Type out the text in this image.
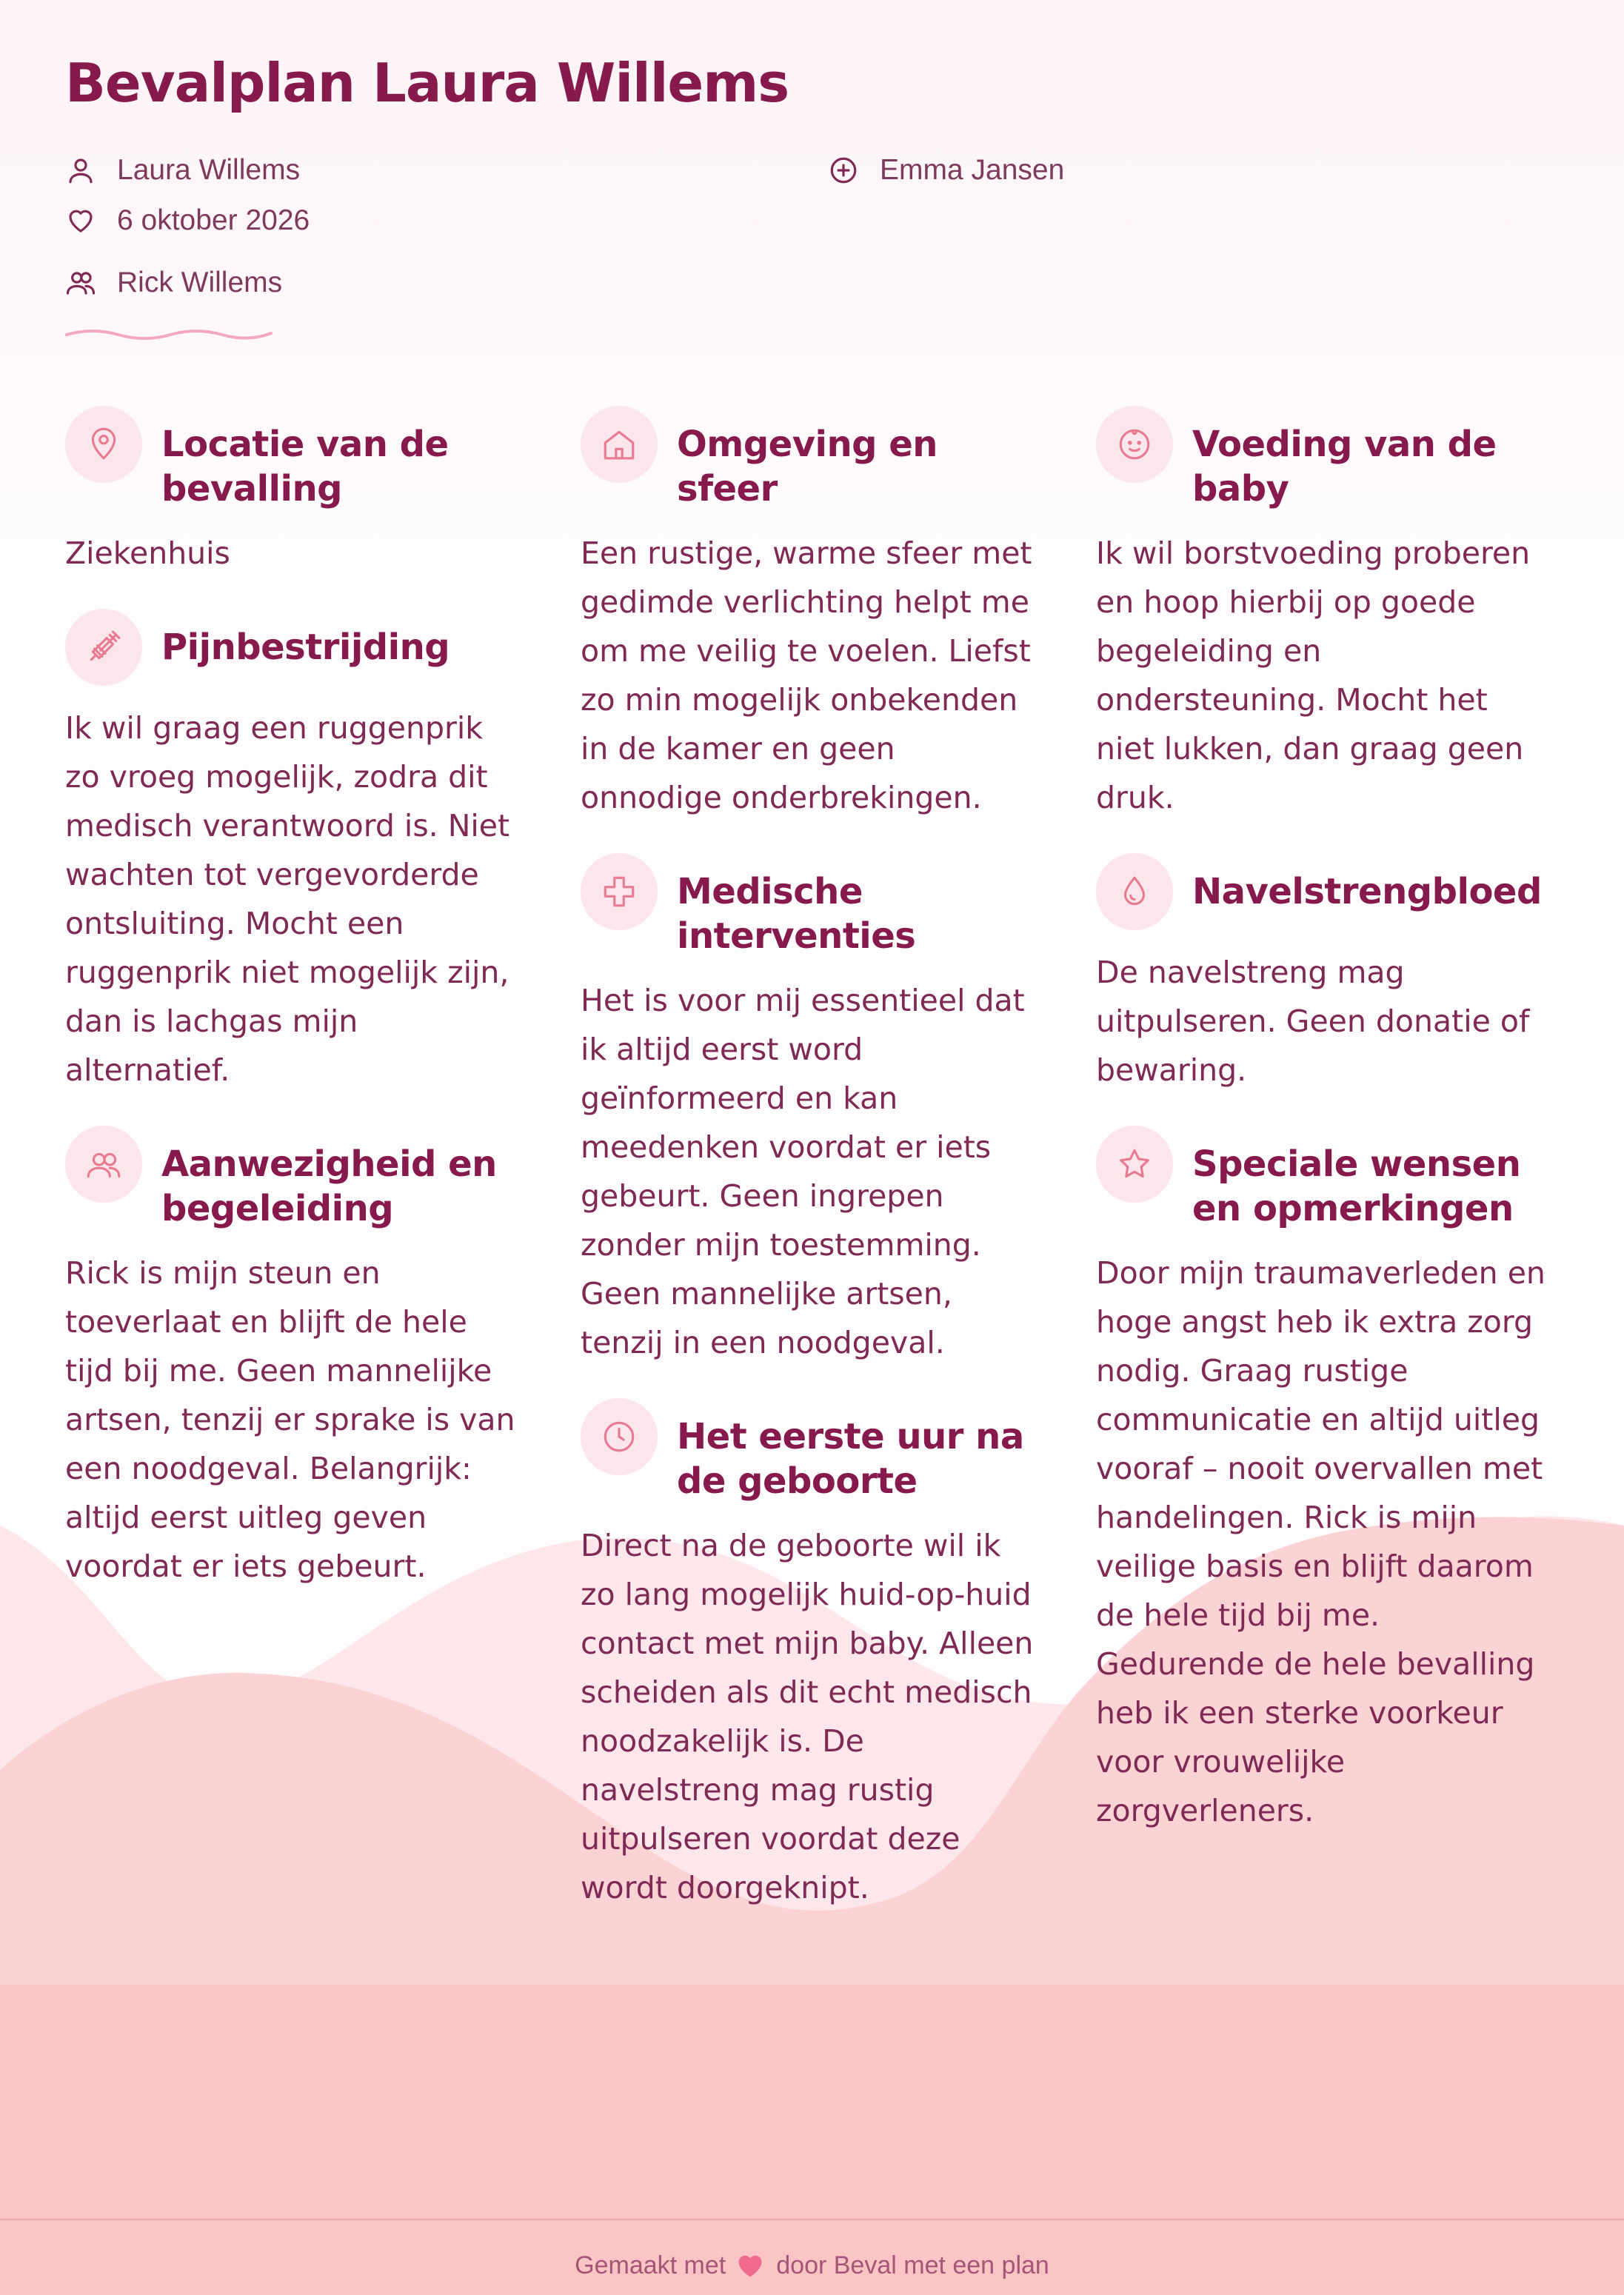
Bevalplan Laura Willems
Laura Willems
6 oktober 2026
Rick Willems
Emma Jansen
Locatie van de bevalling

Ziekenhuis

Pijnbestrijding

Ik wil graag een ruggenprik zo vroeg mogelijk, zodra dit medisch verantwoord is. Niet wachten tot vergevorderde ontsluiting. Mocht een ruggenprik niet mogelijk zijn, dan is lachgas mijn alternatief.

Aanwezigheid en begeleiding

Rick is mijn steun en toeverlaat en blijft de hele tijd bij me. Geen mannelijke artsen, tenzij er sprake is van een noodgeval. Belangrijk: altijd eerst uitleg geven voordat er iets gebeurt.

Omgeving en sfeer

Een rustige, warme sfeer met gedimde verlichting helpt me om me veilig te voelen. Liefst zo min mogelijk onbekenden in de kamer en geen onnodige onderbrekingen.

Medische interventies

Het is voor mij essentieel dat ik altijd eerst word geïnformeerd en kan meedenken voordat er iets gebeurt. Geen ingrepen zonder mijn toestemming. Geen mannelijke artsen, tenzij in een noodgeval.

Het eerste uur na de geboorte

Direct na de geboorte wil ik zo lang mogelijk huid-op-huid contact met mijn baby. Alleen scheiden als dit echt medisch noodzakelijk is. De navelstreng mag rustig uitpulseren voordat deze wordt doorgeknipt.

Voeding van de baby

Ik wil borstvoeding proberen en hoop hierbij op goede begeleiding en ondersteuning. Mocht het niet lukken, dan graag geen druk.

Navelstrengbloed

De navelstreng mag uitpulseren. Geen donatie of bewaring.

Speciale wensen en opmerkingen

Door mijn traumaverleden en hoge angst heb ik extra zorg nodig. Graag rustige communicatie en altijd uitleg vooraf – nooit overvallen met handelingen. Rick is mijn veilige basis en blijft daarom de hele tijd bij me. Gedurende de hele bevalling heb ik een sterke voorkeur voor vrouwelijke zorgverleners.

Gemaakt met door Beval met een plan
